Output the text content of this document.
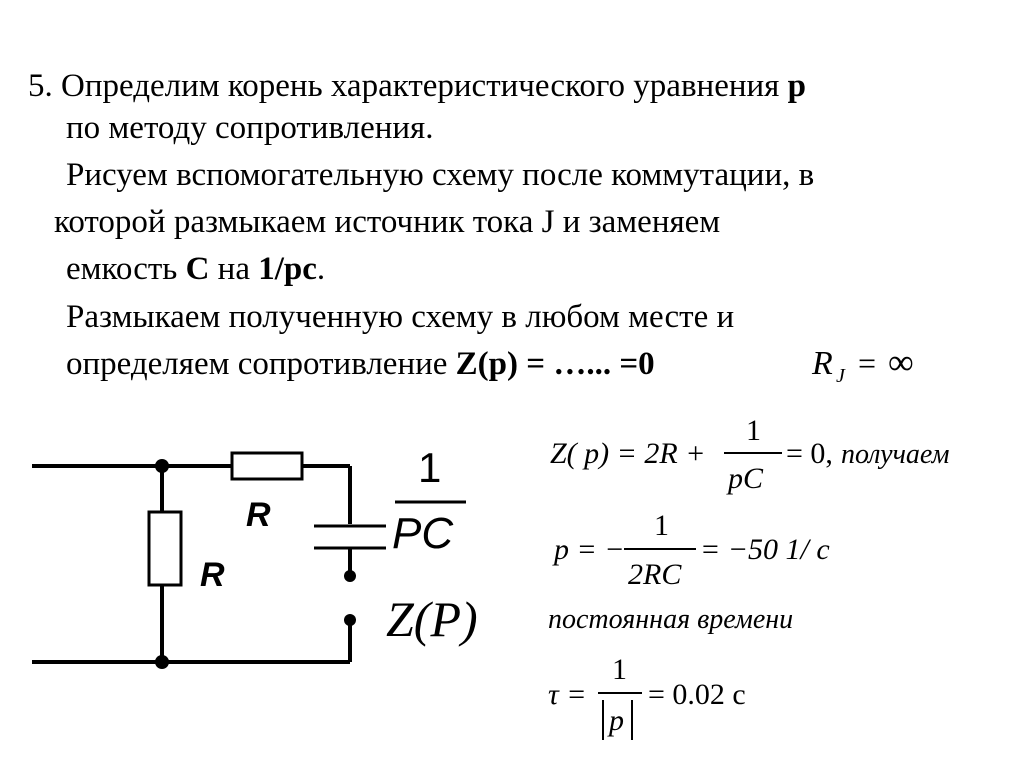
5. Определим корень характеристического уравнения p
по методу сопротивления.
Рисуем вспомогательную схему после коммутации, в
которой размыкаем источник тока J и заменяем
емкость С на 1/pc.
Размыкаем полученную схему в любом месте и
определяем сопротивление Z(p) = …... =0	R J = ∞
R
R
1
PC
Z(P)
Z( p) = 2R +
1
pC
= 0, получаем
p = −
1
2RC
= −50 1/ c
постоянная времени
τ =
1
p
= 0.02 c
